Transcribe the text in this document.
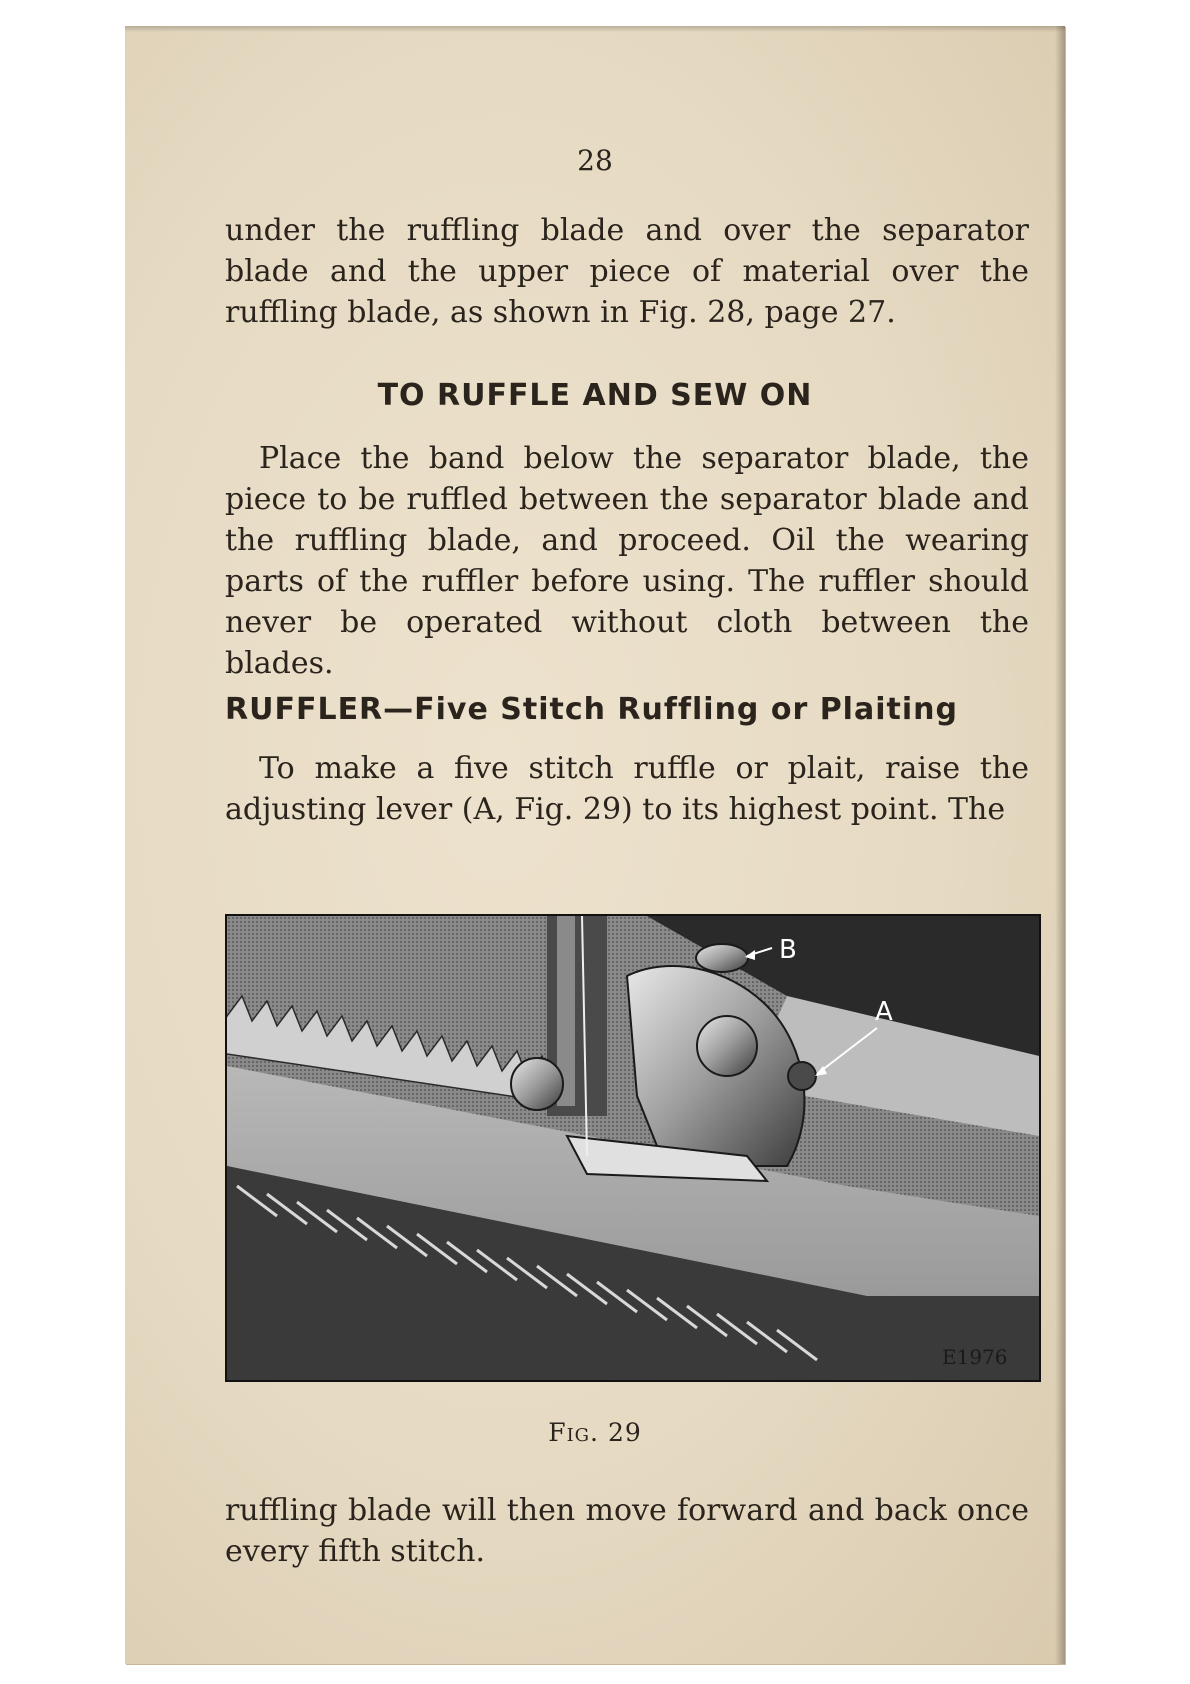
28
under the ruffling blade and over the separator blade and the upper piece of material over the ruffling blade, as shown in Fig. 28, page 27.
TO RUFFLE AND SEW ON
Place the band below the separator blade, the piece to be ruffled between the separator blade and the ruffling blade, and proceed. Oil the wearing parts of the ruffler before using. The ruffler should never be operated without cloth between the blades.
RUFFLER—Five Stitch Ruffling or Plaiting
To make a five stitch ruffle or plait, raise the adjusting lever (A, Fig. 29) to its highest point. The
B
A
E1976
Fig. 29
ruffling blade will then move forward and back once every fifth stitch.
